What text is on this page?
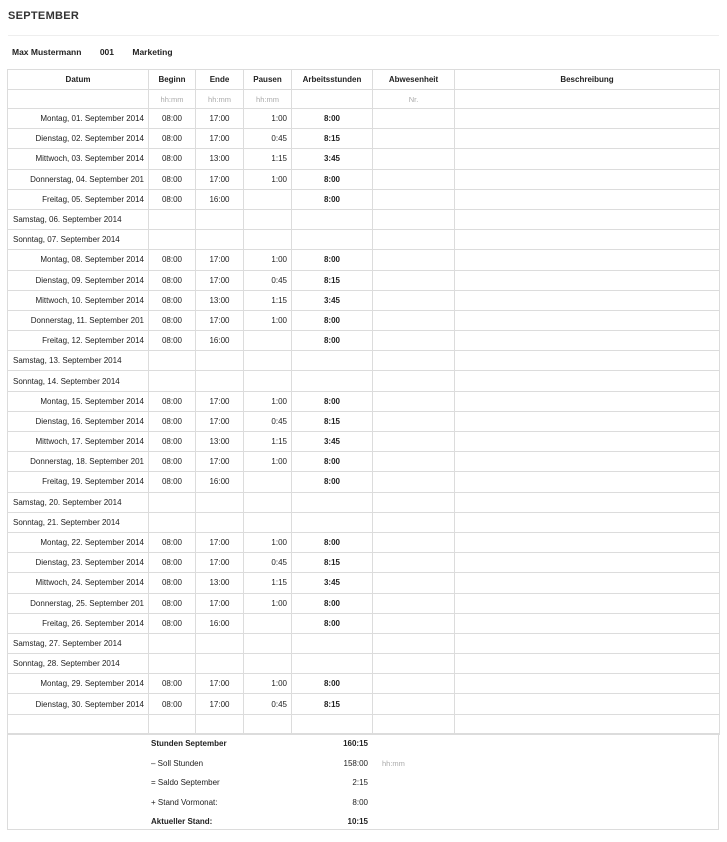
SEPTEMBER
Max Mustermann 001 Marketing
Datum	Beginn	Ende	Pausen	Arbeitsstunden	Abwesenheit	Beschreibung
	hh:mm	hh:mm	hh:mm		Nr.	
Montag, 01. September 2014	08:00	17:00	1:00	8:00		
Dienstag, 02. September 2014	08:00	17:00	0:45	8:15		
Mittwoch, 03. September 2014	08:00	13:00	1:15	3:45		
Donnerstag, 04. September 201	08:00	17:00	1:00	8:00		
Freitag, 05. September 2014	08:00	16:00		8:00		
Samstag, 06. September 2014						
Sonntag, 07. September 2014						
Montag, 08. September 2014	08:00	17:00	1:00	8:00		
Dienstag, 09. September 2014	08:00	17:00	0:45	8:15		
Mittwoch, 10. September 2014	08:00	13:00	1:15	3:45		
Donnerstag, 11. September 201	08:00	17:00	1:00	8:00		
Freitag, 12. September 2014	08:00	16:00		8:00		
Samstag, 13. September 2014						
Sonntag, 14. September 2014						
Montag, 15. September 2014	08:00	17:00	1:00	8:00		
Dienstag, 16. September 2014	08:00	17:00	0:45	8:15		
Mittwoch, 17. September 2014	08:00	13:00	1:15	3:45		
Donnerstag, 18. September 201	08:00	17:00	1:00	8:00		
Freitag, 19. September 2014	08:00	16:00		8:00		
Samstag, 20. September 2014						
Sonntag, 21. September 2014						
Montag, 22. September 2014	08:00	17:00	1:00	8:00		
Dienstag, 23. September 2014	08:00	17:00	0:45	8:15		
Mittwoch, 24. September 2014	08:00	13:00	1:15	3:45		
Donnerstag, 25. September 201	08:00	17:00	1:00	8:00		
Freitag, 26. September 2014	08:00	16:00		8:00		
Samstag, 27. September 2014						
Sonntag, 28. September 2014						
Montag, 29. September 2014	08:00	17:00	1:00	8:00		
Dienstag, 30. September 2014	08:00	17:00	0:45	8:15		

Stunden September	160:15
– Soll Stunden	158:00 hh:mm
= Saldo September	2:15
+ Stand Vormonat:	8:00
Aktueller Stand:	10:15
